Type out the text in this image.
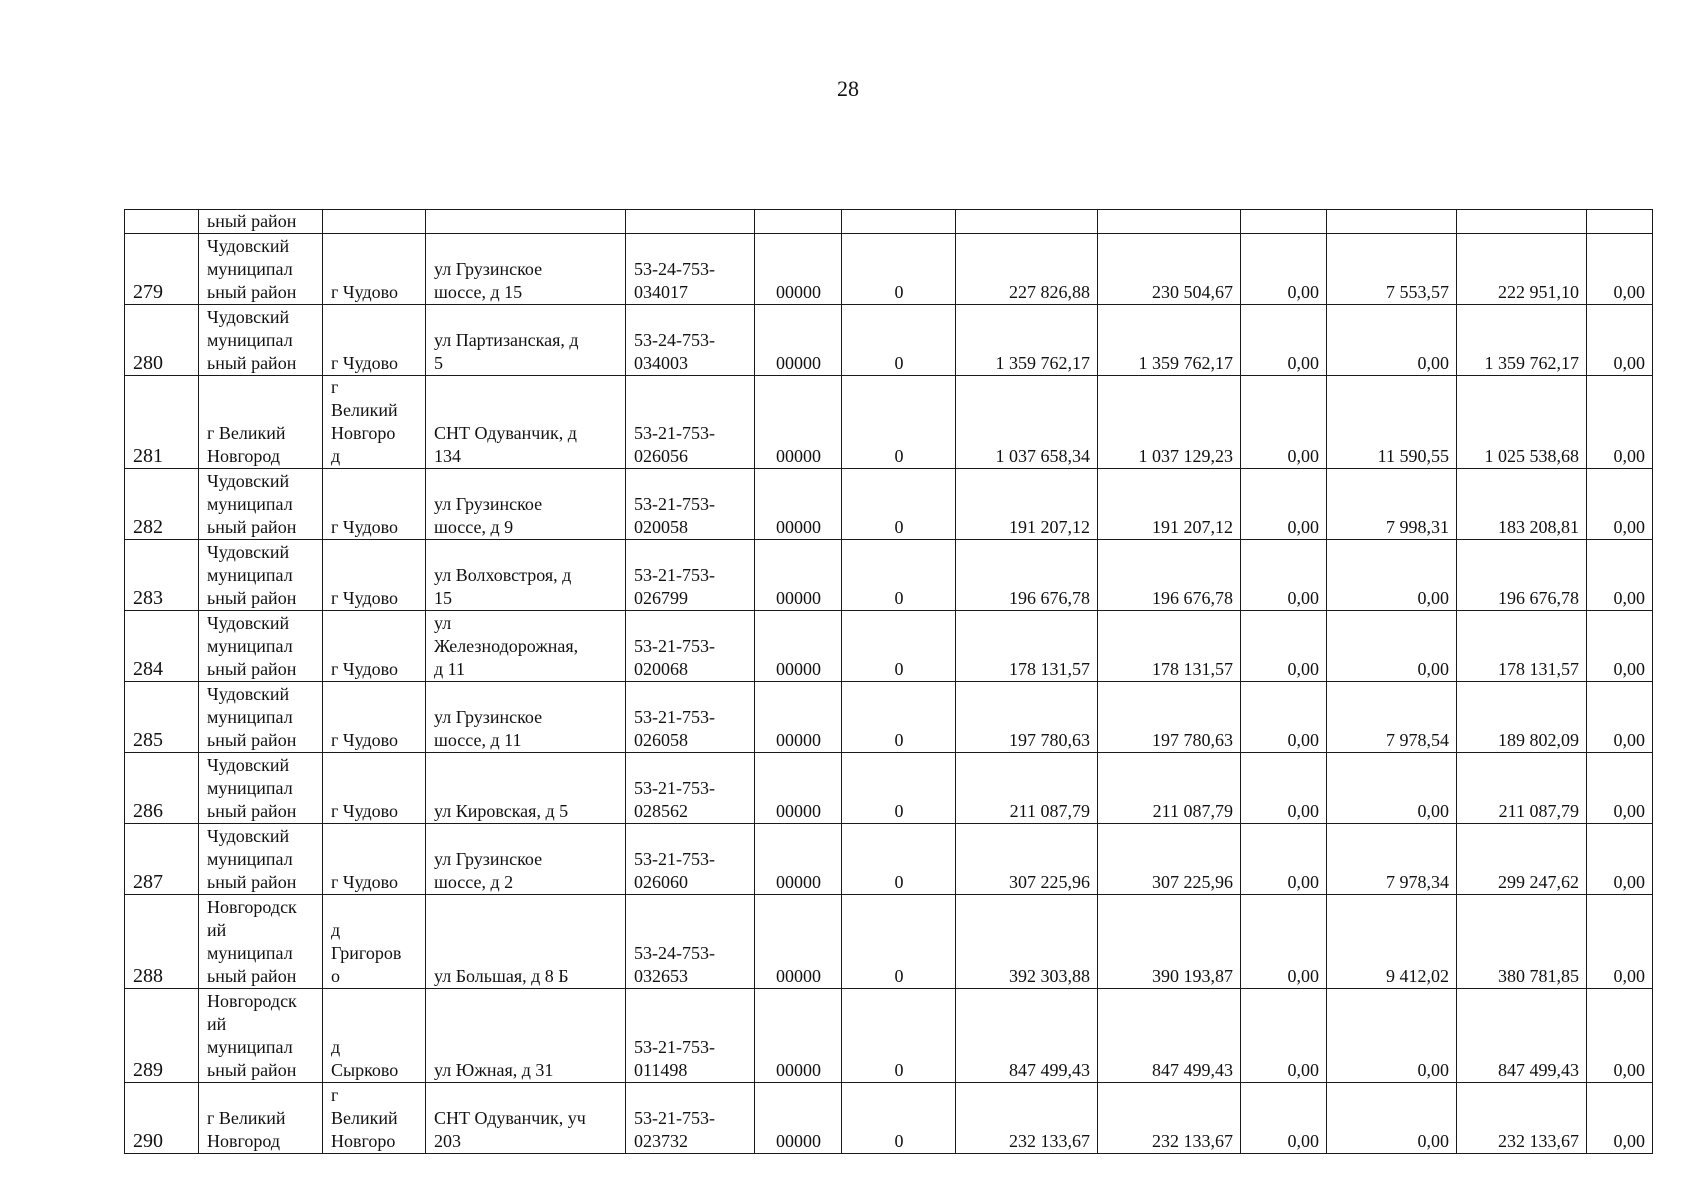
28
	ьный район											
279	Чудовский
муниципал
ьный район	г Чудово	ул Грузинское
шоссе, д 15	53-24-753-
034017	00000	0	227 826,88	230 504,67	0,00	7 553,57	222 951,10	0,00
280	Чудовский
муниципал
ьный район	г Чудово	ул Партизанская, д
5	53-24-753-
034003	00000	0	1 359 762,17	1 359 762,17	0,00	0,00	1 359 762,17	0,00
281	г Великий
Новгород	г
Великий
Новгоро
д	СНТ Одуванчик, д
134	53-21-753-
026056	00000	0	1 037 658,34	1 037 129,23	0,00	11 590,55	1 025 538,68	0,00
282	Чудовский
муниципал
ьный район	г Чудово	ул Грузинское
шоссе, д 9	53-21-753-
020058	00000	0	191 207,12	191 207,12	0,00	7 998,31	183 208,81	0,00
283	Чудовский
муниципал
ьный район	г Чудово	ул Волховстроя, д
15	53-21-753-
026799	00000	0	196 676,78	196 676,78	0,00	0,00	196 676,78	0,00
284	Чудовский
муниципал
ьный район	г Чудово	ул
Железнодорожная,
д 11	53-21-753-
020068	00000	0	178 131,57	178 131,57	0,00	0,00	178 131,57	0,00
285	Чудовский
муниципал
ьный район	г Чудово	ул Грузинское
шоссе, д 11	53-21-753-
026058	00000	0	197 780,63	197 780,63	0,00	7 978,54	189 802,09	0,00
286	Чудовский
муниципал
ьный район	г Чудово	ул Кировская, д 5	53-21-753-
028562	00000	0	211 087,79	211 087,79	0,00	0,00	211 087,79	0,00
287	Чудовский
муниципал
ьный район	г Чудово	ул Грузинское
шоссе, д 2	53-21-753-
026060	00000	0	307 225,96	307 225,96	0,00	7 978,34	299 247,62	0,00
288	Новгородск
ий
муниципал
ьный район	д
Григоров
о	ул Большая, д 8 Б	53-24-753-
032653	00000	0	392 303,88	390 193,87	0,00	9 412,02	380 781,85	0,00
289	Новгородск
ий
муниципал
ьный район	д
Сырково	ул Южная, д 31	53-21-753-
011498	00000	0	847 499,43	847 499,43	0,00	0,00	847 499,43	0,00
290	г Великий
Новгород	г
Великий
Новгоро	СНТ Одуванчик, уч
203	53-21-753-
023732	00000	0	232 133,67	232 133,67	0,00	0,00	232 133,67	0,00
